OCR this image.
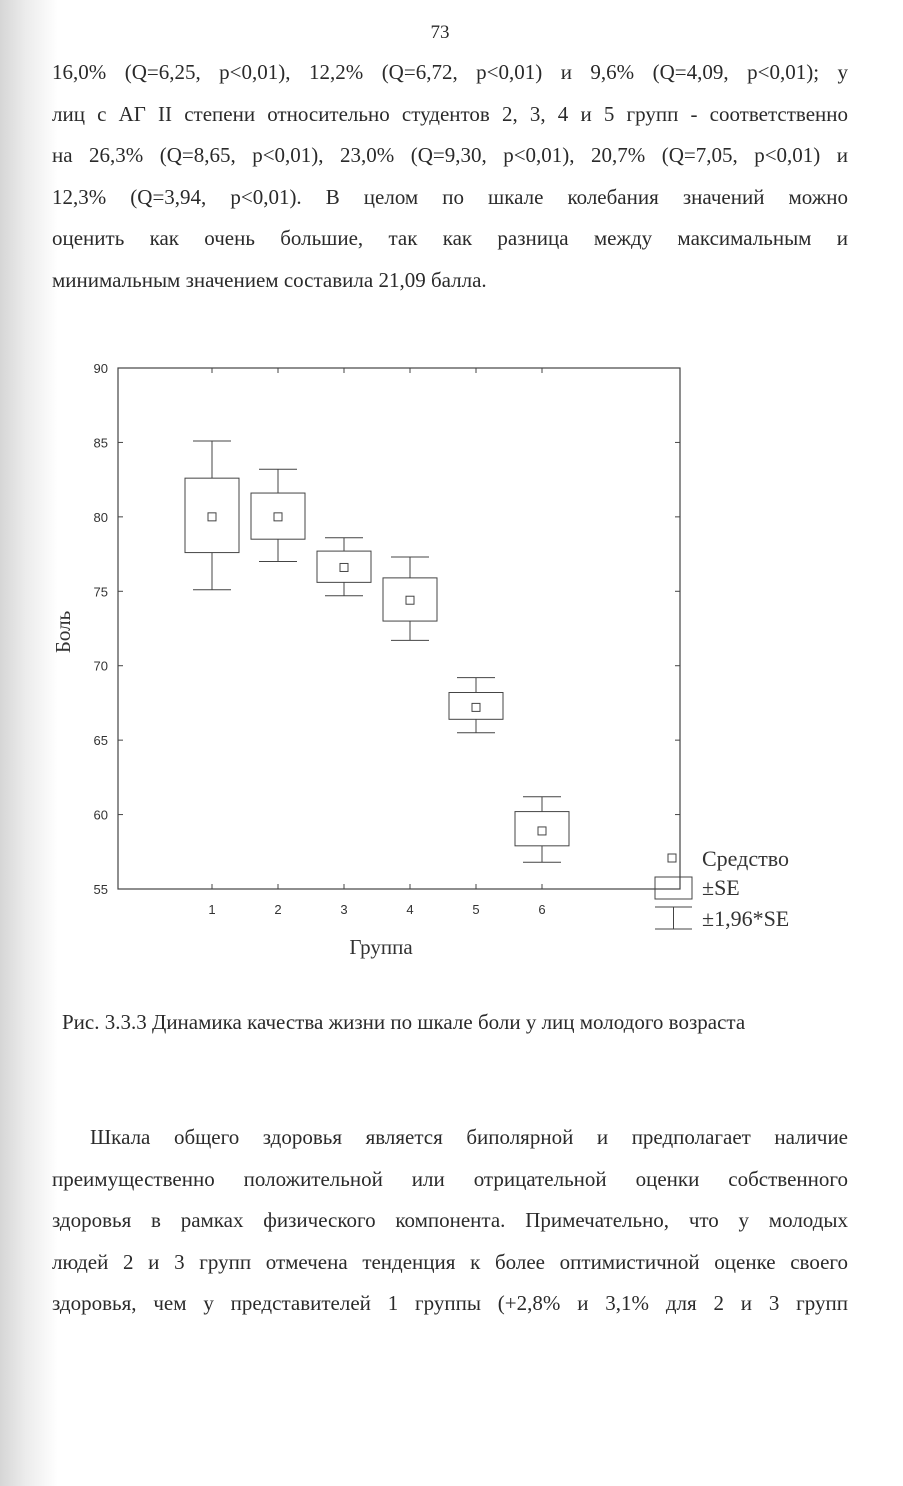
73
16,0% (Q=6,25, p<0,01), 12,2% (Q=6,72, p<0,01) и 9,6% (Q=4,09, p<0,01); у
лиц с АГ II степени относительно студентов 2, 3, 4 и 5 групп - соответственно
на 26,3% (Q=8,65, p<0,01), 23,0% (Q=9,30, p<0,01), 20,7% (Q=7,05, p<0,01) и
12,3% (Q=3,94, p<0,01). В целом по шкале колебания значений можно
оценить как очень большие, так как разница между максимальным и
минимальным значением составила 21,09 балла.
55
60
65
70
75
80
85
90
1	2	3	4	5	6
Боль
Группа
Средство
±SE
±1,96*SE
Рис. 3.3.3 Динамика качества жизни по шкале боли у лиц молодого возраста
Шкала общего здоровья является биполярной и предполагает наличие
преимущественно положительной или отрицательной оценки собственного
здоровья в рамках физического компонента. Примечательно, что у молодых
людей 2 и 3 групп отмечена тенденция к более оптимистичной оценке своего
здоровья, чем у представителей 1 группы (+2,8% и 3,1% для 2 и 3 групп
